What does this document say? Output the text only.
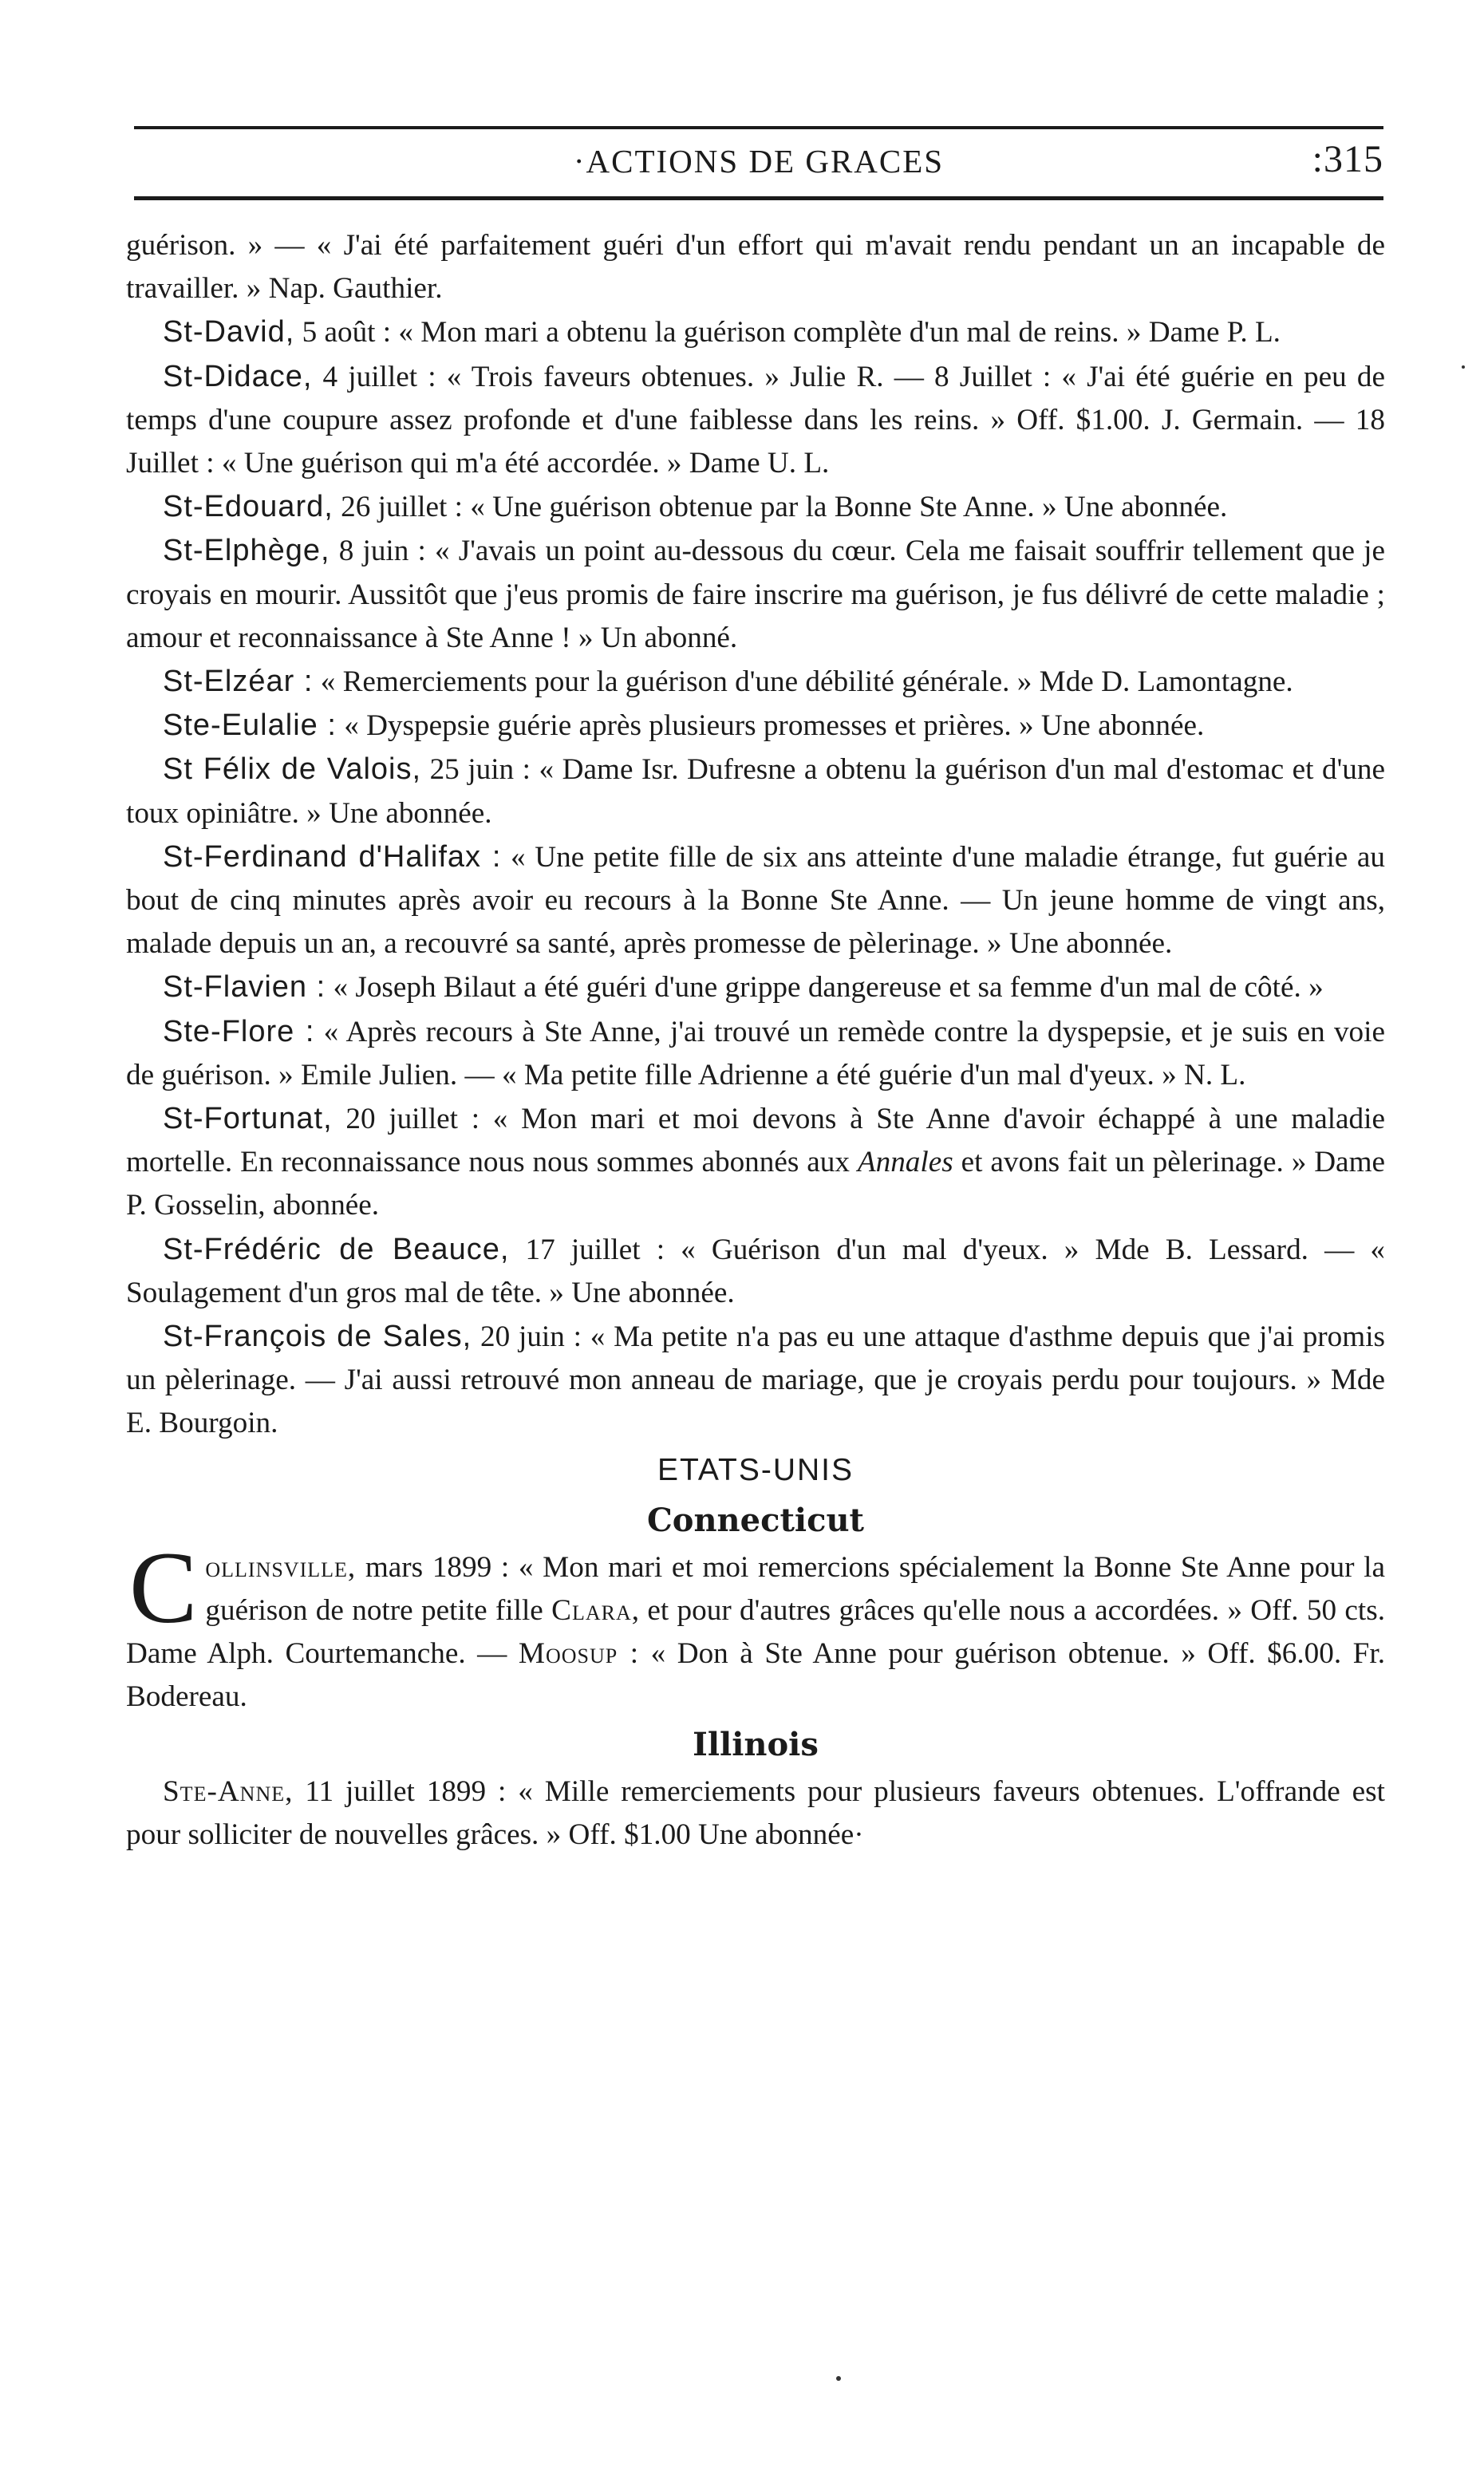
·ACTIONS DE GRACES	:315

guérison. » — « J'ai été parfaitement guéri d'un effort qui m'avait rendu pendant un an incapable de travailler. » Nap. Gauthier.

St-David, 5 août : « Mon mari a obtenu la guérison complète d'un mal de reins. » Dame P. L.

St-Didace, 4 juillet : « Trois faveurs obtenues. » Julie R. — 8 Juillet : « J'ai été guérie en peu de temps d'une coupure assez profonde et d'une faiblesse dans les reins. » Off. $1.00. J. Germain. — 18 Juillet : « Une guérison qui m'a été accordée. » Dame U. L.

St-Edouard, 26 juillet : « Une guérison obtenue par la Bonne Ste Anne. » Une abonnée.

St-Elphège, 8 juin : « J'avais un point au-dessous du cœur. Cela me faisait souffrir tellement que je croyais en mourir. Aussitôt que j'eus promis de faire inscrire ma guérison, je fus délivré de cette maladie ; amour et reconnaissance à Ste Anne ! » Un abonné.

St-Elzéar : « Remerciements pour la guérison d'une débilité générale. » Mde D. Lamontagne.

Ste-Eulalie : « Dyspepsie guérie après plusieurs promesses et prières. » Une abonnée.

St Félix de Valois, 25 juin : « Dame Isr. Dufresne a obtenu la guérison d'un mal d'estomac et d'une toux opiniâtre. » Une abonnée.

St-Ferdinand d'Halifax : « Une petite fille de six ans atteinte d'une maladie étrange, fut guérie au bout de cinq minutes après avoir eu recours à la Bonne Ste Anne. — Un jeune homme de vingt ans, malade depuis un an, a recouvré sa santé, après promesse de pèlerinage. » Une abonnée.

St-Flavien : « Joseph Bilaut a été guéri d'une grippe dangereuse et sa femme d'un mal de côté. »

Ste-Flore : « Après recours à Ste Anne, j'ai trouvé un remède contre la dyspepsie, et je suis en voie de guérison. » Emile Julien. — « Ma petite fille Adrienne a été guérie d'un mal d'yeux. » N. L.

St-Fortunat, 20 juillet : « Mon mari et moi devons à Ste Anne d'avoir échappé à une maladie mortelle. En reconnaissance nous nous sommes abonnés aux Annales et avons fait un pèlerinage. » Dame P. Gosselin, abonnée.

St-Frédéric de Beauce, 17 juillet : « Guérison d'un mal d'yeux. » Mde B. Lessard. — « Soulagement d'un gros mal de tête. » Une abonnée.

St-François de Sales, 20 juin : « Ma petite n'a pas eu une attaque d'asthme depuis que j'ai promis un pèlerinage. — J'ai aussi retrouvé mon anneau de mariage, que je croyais perdu pour toujours. » Mde E. Bourgoin.

ETATS-UNIS

Connecticut

Collinsville, mars 1899 : « Mon mari et moi remercions spécialement la Bonne Ste Anne pour la guérison de notre petite fille Clara, et pour d'autres grâces qu'elle nous a accordées. » Off. 50 cts. Dame Alph. Courtemanche. — Moosup : « Don à Ste Anne pour guérison obtenue. » Off. $6.00. Fr. Bodereau.

Illinois

Ste-Anne, 11 juillet 1899 : « Mille remerciements pour plusieurs faveurs obtenues. L'offrande est pour solliciter de nouvelles grâces. » Off. $1.00 Une abonnée·
